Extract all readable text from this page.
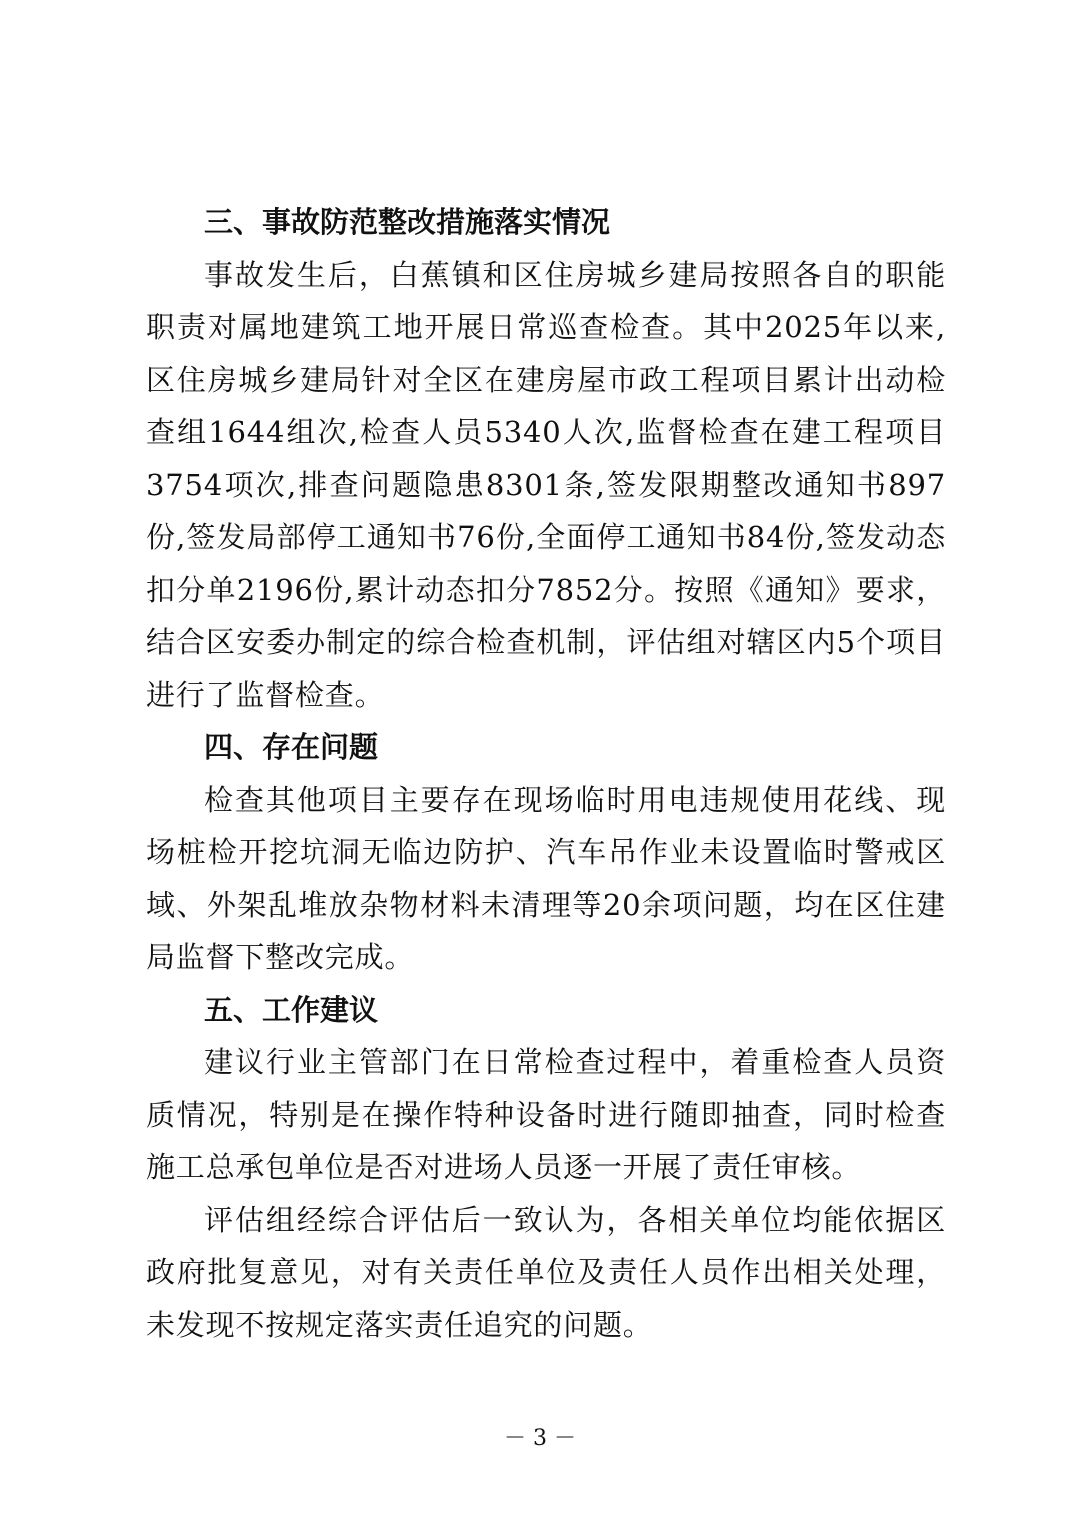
三、事故防范整改措施落实情况

事故发生后，白蕉镇和区住房城乡建局按照各自的职能职责对属地建筑工地开展日常巡查检查。其中2025年以来,区住房城乡建局针对全区在建房屋市政工程项目累计出动检查组1644组次,检查人员5340人次,监督检查在建工程项目3754项次,排查问题隐患8301条,签发限期整改通知书897份,签发局部停工通知书76份,全面停工通知书84份,签发动态扣分单2196份,累计动态扣分7852分。按照《通知》要求，结合区安委办制定的综合检查机制，评估组对辖区内5个项目进行了监督检查。

四、存在问题

检查其他项目主要存在现场临时用电违规使用花线、现场桩检开挖坑洞无临边防护、汽车吊作业未设置临时警戒区域、外架乱堆放杂物材料未清理等20余项问题，均在区住建局监督下整改完成。

五、工作建议

建议行业主管部门在日常检查过程中，着重检查人员资质情况，特别是在操作特种设备时进行随即抽查，同时检查施工总承包单位是否对进场人员逐一开展了责任审核。

评估组经综合评估后一致认为，各相关单位均能依据区政府批复意见，对有关责任单位及责任人员作出相关处理，未发现不按规定落实责任追究的问题。

－ 3 －
